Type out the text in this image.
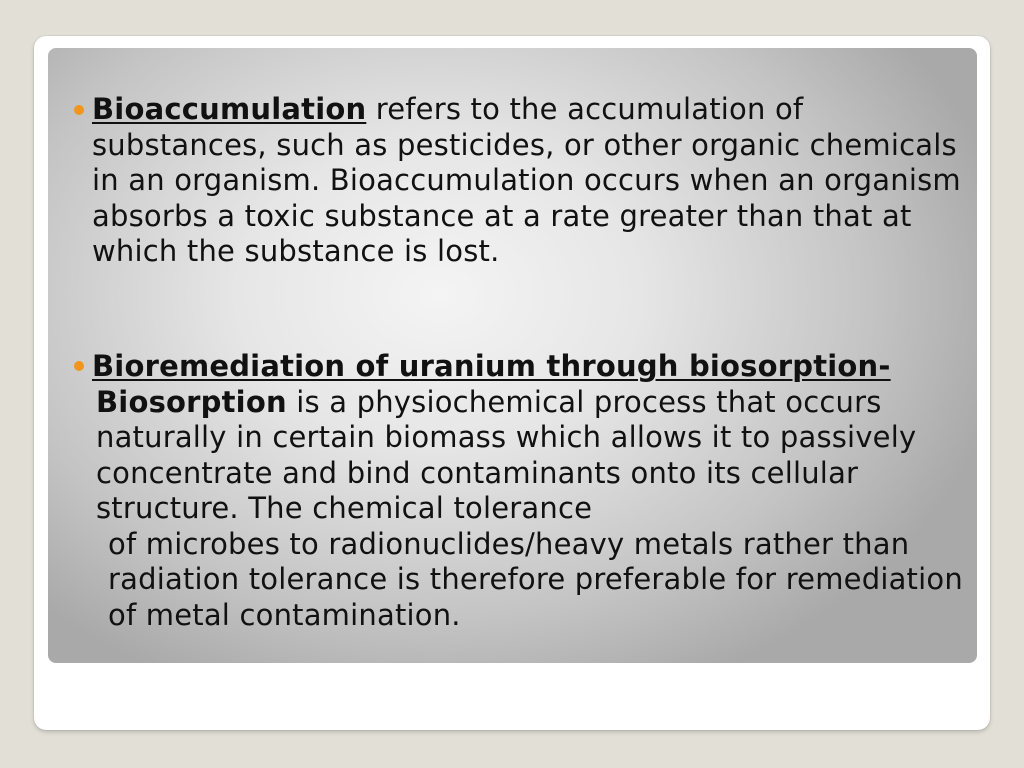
Bioaccumulation refers to the accumulation of substances, such as pesticides, or other organic chemicals in an organism. Bioaccumulation occurs when an organism absorbs a toxic substance at a rate greater than that at which the substance is lost.

Bioremediation of uranium through biosorption-

Biosorption is a physiochemical process that occurs naturally in certain biomass which allows it to passively concentrate and bind contaminants onto its cellular structure. The chemical tolerance

of microbes to radionuclides/heavy metals rather than radiation tolerance is therefore preferable for remediation of metal contamination.
